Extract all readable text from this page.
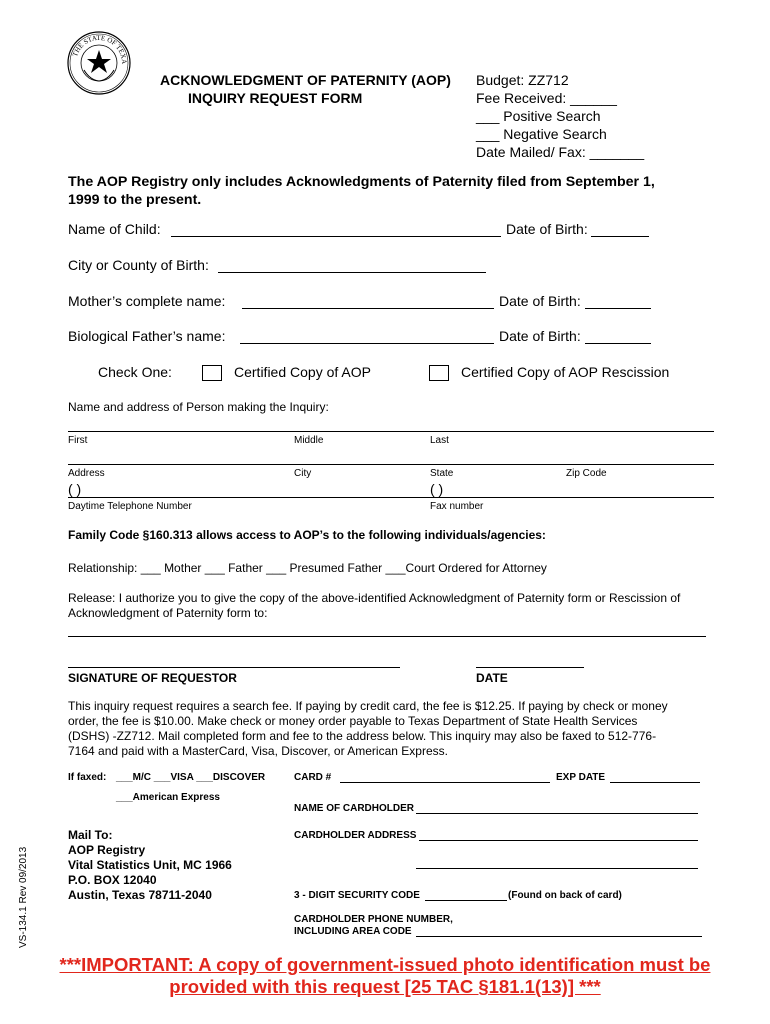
THE STATE OF TEXA
ACKNOWLEDGMENT OF PATERNITY (AOP)
INQUIRY REQUEST FORM
Budget: ZZ712
Fee Received: ______
___ Positive Search
___ Negative Search
Date Mailed/ Fax: _______
The AOP Registry only includes Acknowledgments of Paternity filed from September 1,
1999 to the present.
Name of Child:	Date of Birth:
City or County of Birth:
Mother’s complete name:	Date of Birth:
Biological Father’s name:	Date of Birth:
Check One:	Certified Copy of AOP	Certified Copy of AOP Rescission
Name and address of Person making the Inquiry:
First	Middle	Last
Address	City	State	Zip Code
( )	( )
Daytime Telephone Number	Fax number
Family Code §160.313 allows access to AOP’s to the following individuals/agencies:
Relationship: ___ Mother ___ Father ___ Presumed Father ___Court Ordered for Attorney
Release: I authorize you to give the copy of the above-identified Acknowledgment of Paternity form or Rescission of
Acknowledgment of Paternity form to:
SIGNATURE OF REQUESTOR	DATE
This inquiry request requires a search fee. If paying by credit card, the fee is $12.25. If paying by check or money
order, the fee is $10.00. Make check or money order payable to Texas Department of State Health Services
(DSHS) -ZZ712. Mail completed form and fee to the address below. This inquiry may also be faxed to 512-776-
7164 and paid with a MasterCard, Visa, Discover, or American Express.
If faxed: ___M/C ___VISA ___DISCOVER
___American Express
CARD #	EXP DATE
NAME OF CARDHOLDER
CARDHOLDER ADDRESS
3 - DIGIT SECURITY CODE	(Found on back of card)
CARDHOLDER PHONE NUMBER,
INCLUDING AREA CODE
Mail To:
AOP Registry
Vital Statistics Unit, MC 1966
P.O. BOX 12040
Austin, Texas 78711-2040
VS-134.1 Rev 09/2013
***IMPORTANT: A copy of government-issued photo identification must be
provided with this request [25 TAC §181.1(13)] ***
